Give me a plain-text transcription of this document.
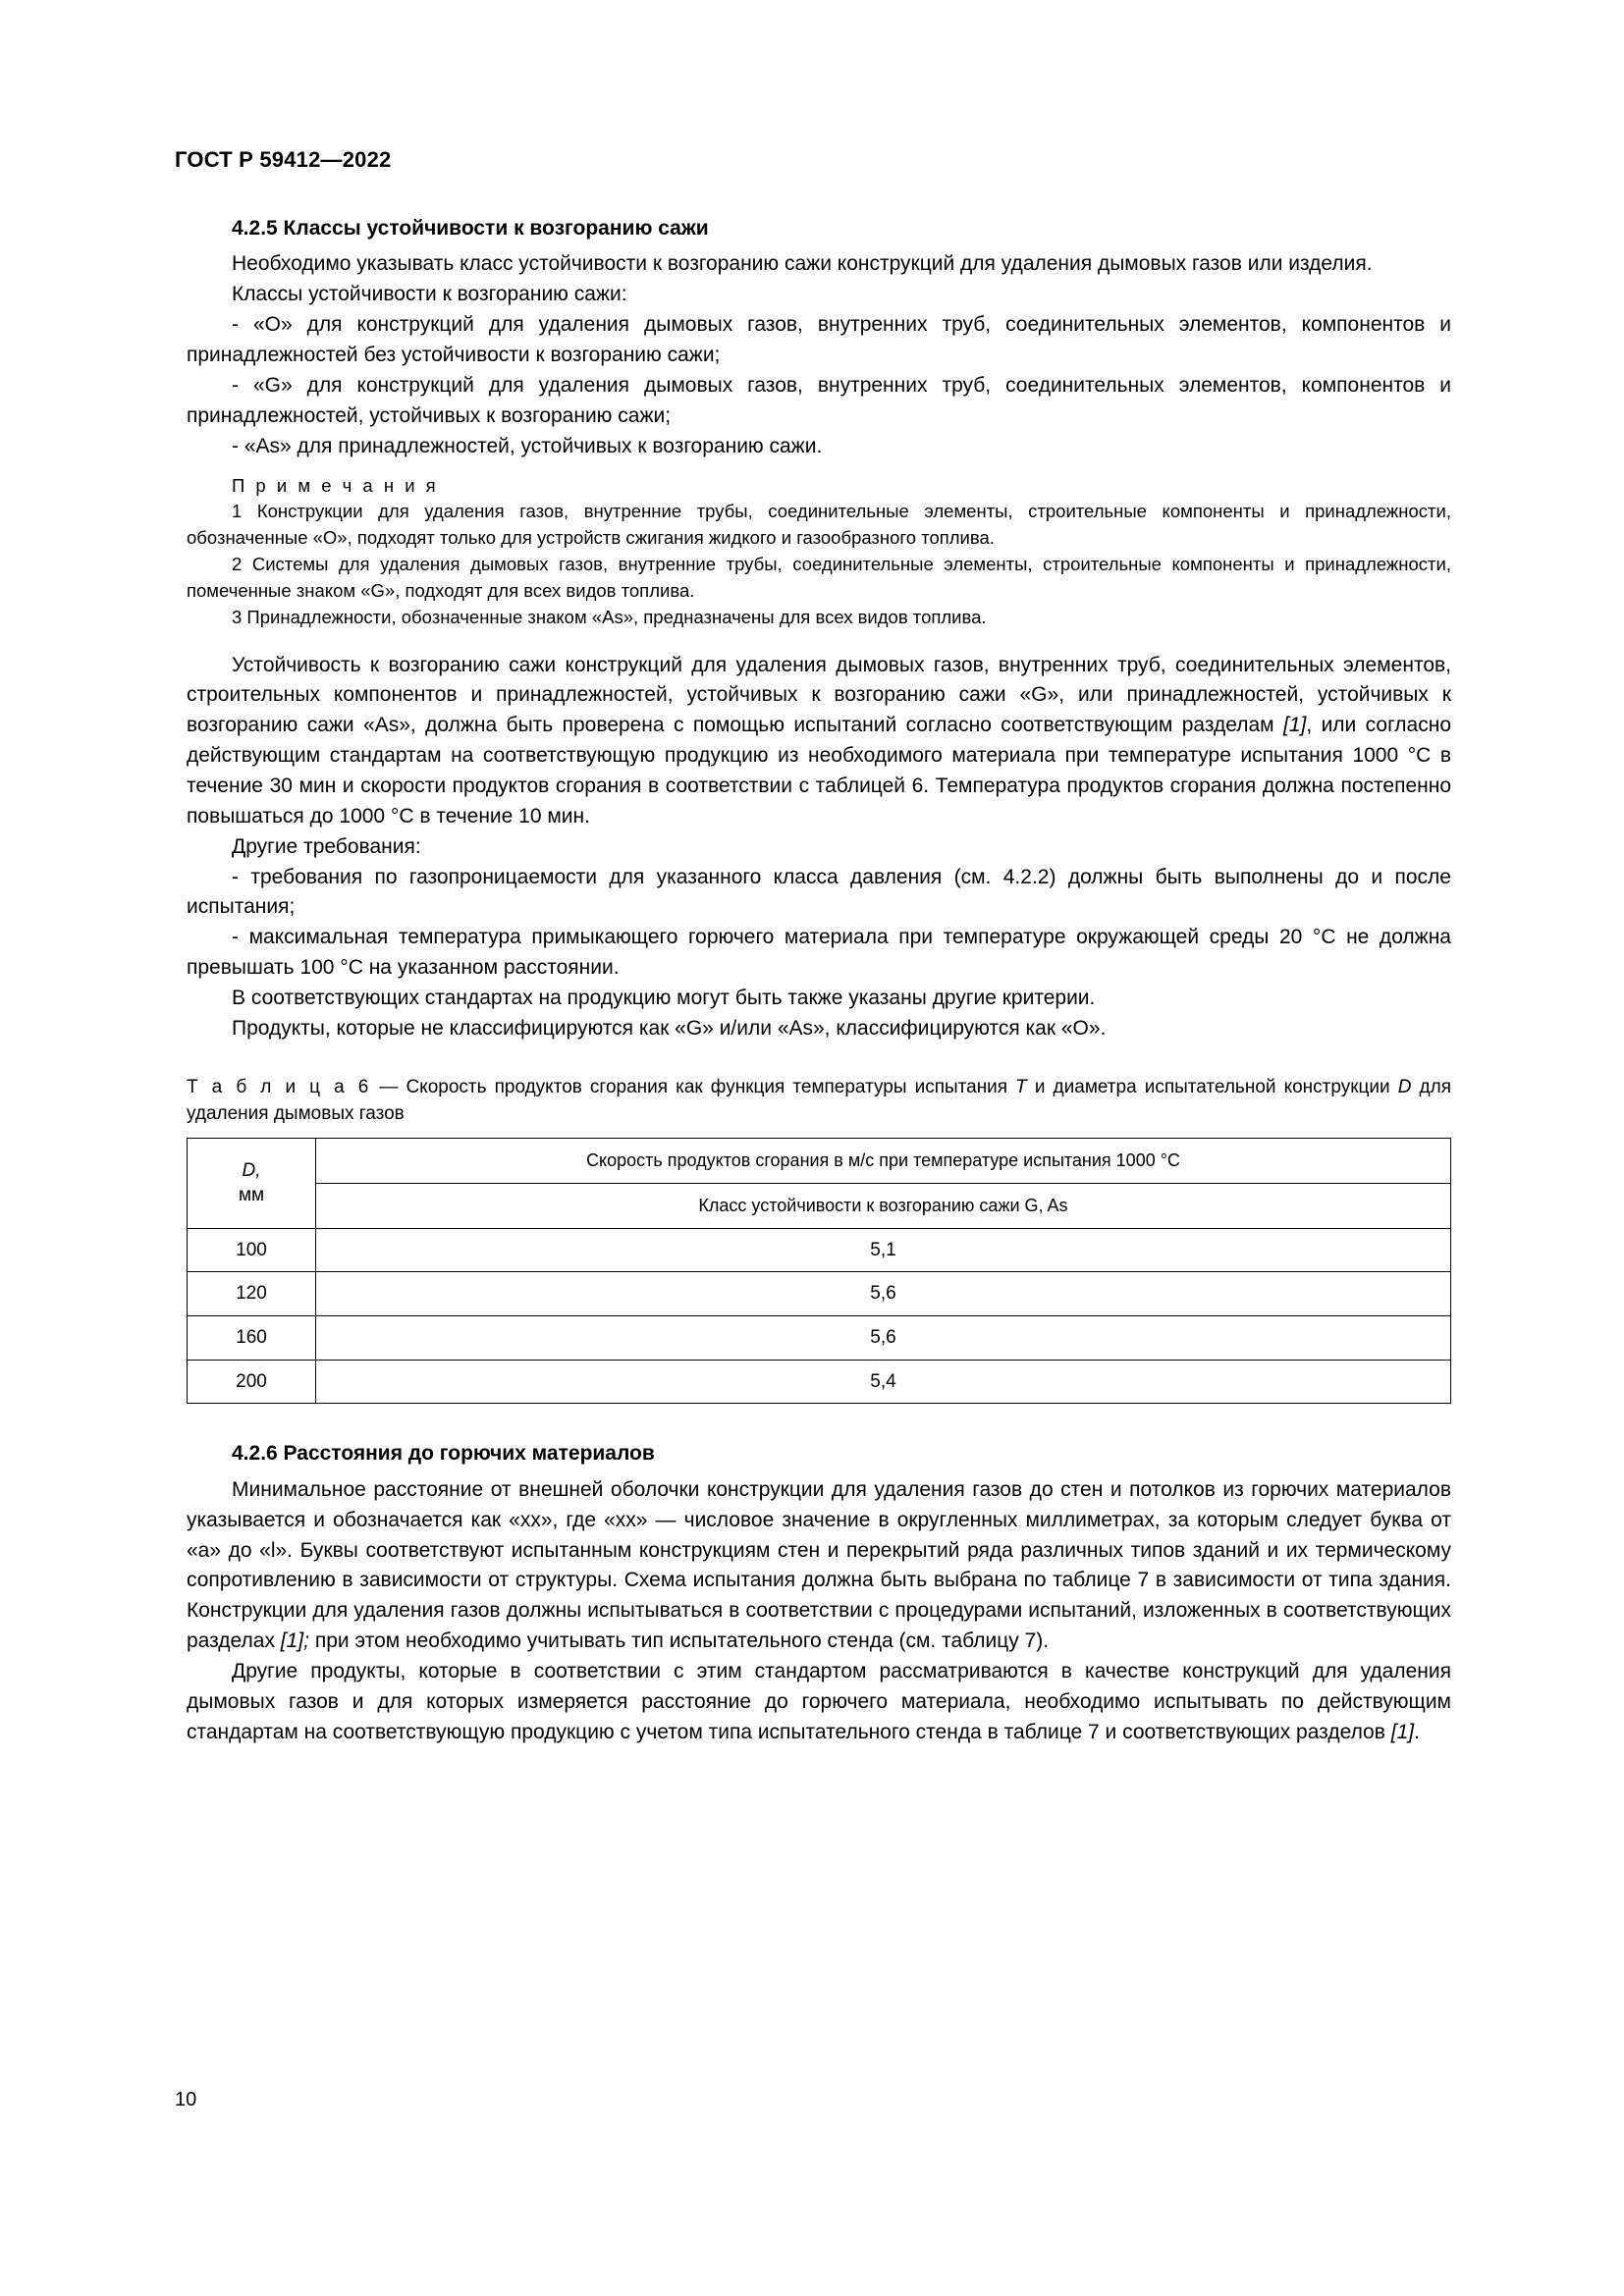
ГОСТ Р 59412—2022
4.2.5 Классы устойчивости к возгоранию сажи

Необходимо указывать класс устойчивости к возгоранию сажи конструкций для удаления дымовых газов или изделия.

Классы устойчивости к возгоранию сажи:

- «О» для конструкций для удаления дымовых газов, внутренних труб, соединительных элементов, компонентов и принадлежностей без устойчивости к возгоранию сажи;

- «G» для конструкций для удаления дымовых газов, внутренних труб, соединительных элементов, компонентов и принадлежностей, устойчивых к возгоранию сажи;

- «As» для принадлежностей, устойчивых к возгоранию сажи.

П р и м е ч а н и я

1 Конструкции для удаления газов, внутренние трубы, соединительные элементы, строительные компоненты и принадлежности, обозначенные «О», подходят только для устройств сжигания жидкого и газообразного топлива.

2 Системы для удаления дымовых газов, внутренние трубы, соединительные элементы, строительные компоненты и принадлежности, помеченные знаком «G», подходят для всех видов топлива.

3 Принадлежности, обозначенные знаком «As», предназначены для всех видов топлива.

Устойчивость к возгоранию сажи конструкций для удаления дымовых газов, внутренних труб, соединительных элементов, строительных компонентов и принадлежностей, устойчивых к возгоранию сажи «G», или принадлежностей, устойчивых к возгоранию сажи «As», должна быть проверена с помощью испытаний согласно соответствующим разделам [1], или согласно действующим стандартам на соответствующую продукцию из необходимого материала при температуре испытания 1000 °С в течение 30 мин и скорости продуктов сгорания в соответствии с таблицей 6. Температура продуктов сгорания должна постепенно повышаться до 1000 °С в течение 10 мин.

Другие требования:

- требования по газопроницаемости для указанного класса давления (см. 4.2.2) должны быть выполнены до и после испытания;

- максимальная температура примыкающего горючего материала при температуре окружающей среды 20 °С не должна превышать 100 °С на указанном расстоянии.

В соответствующих стандартах на продукцию могут быть также указаны другие критерии.

Продукты, которые не классифицируются как «G» и/или «As», классифицируются как «О».

Т а б л и ц а 6 — Скорость продуктов сгорания как функция температуры испытания T и диаметра испытательной конструкции D для удаления дымовых газов

D,
мм	Скорость продуктов сгорания в м/с при температуре испытания 1000 °С
	Класс устойчивости к возгоранию сажи G, As
100	5,1
120	5,6
160	5,6
200	5,4
4.2.6 Расстояния до горючих материалов

Минимальное расстояние от внешней оболочки конструкции для удаления газов до стен и потолков из горючих материалов указывается и обозначается как «хх», где «хх» — числовое значение в округленных миллиметрах, за которым следует буква от «а» до «l». Буквы соответствуют испытанным конструкциям стен и перекрытий ряда различных типов зданий и их термическому сопротивлению в зависимости от структуры. Схема испытания должна быть выбрана по таблице 7 в зависимости от типа здания. Конструкции для удаления газов должны испытываться в соответствии с процедурами испытаний, изложенных в соответствующих разделах [1]; при этом необходимо учитывать тип испытательного стенда (см. таблицу 7).

Другие продукты, которые в соответствии с этим стандартом рассматриваются в качестве конструкций для удаления дымовых газов и для которых измеряется расстояние до горючего материала, необходимо испытывать по действующим стандартам на соответствующую продукцию с учетом типа испытательного стенда в таблице 7 и соответствующих разделов [1].

10
